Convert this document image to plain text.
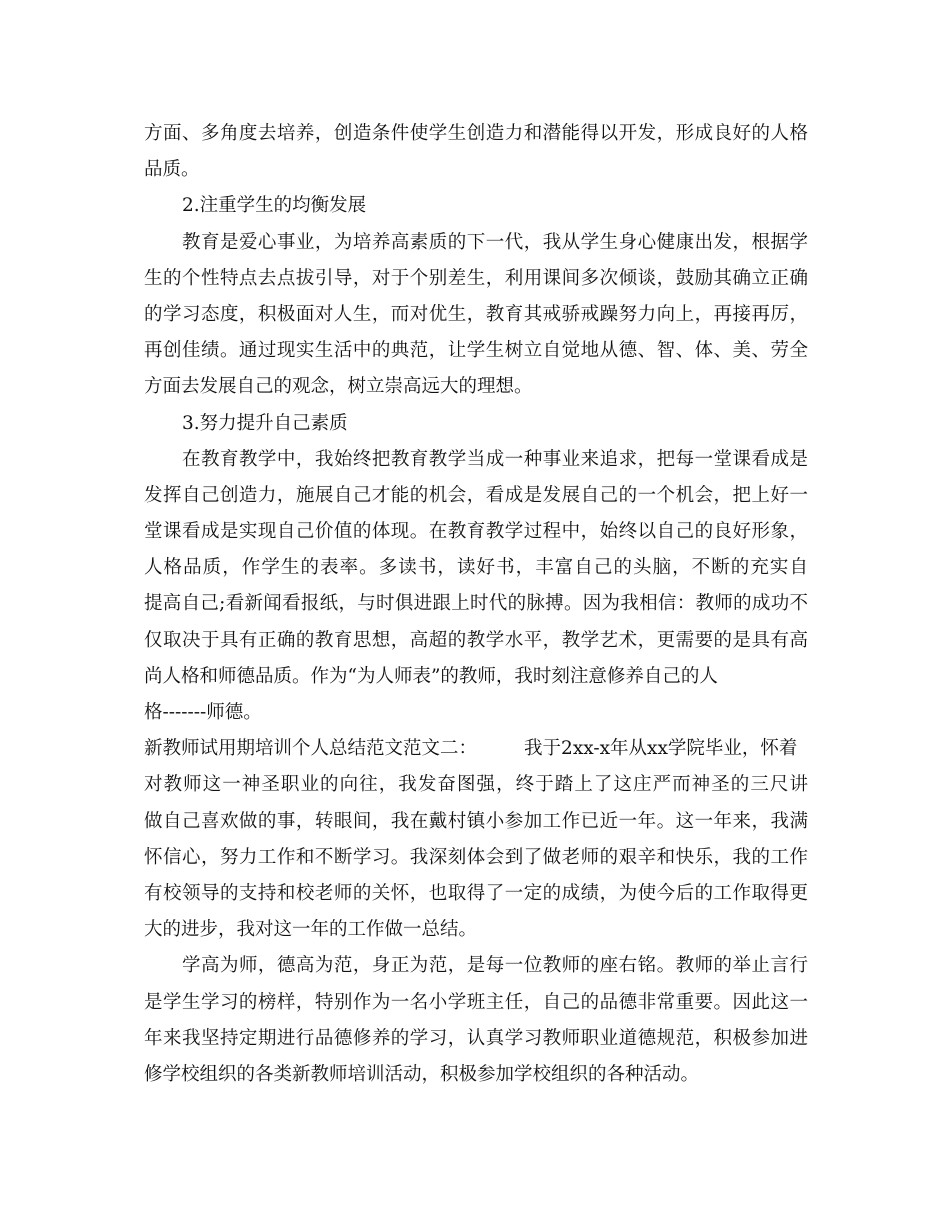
方面、多角度去培养，创造条件使学生创造力和潜能得以开发，形成良好的人格
品质。
2.注重学生的均衡发展
教育是爱心事业，为培养高素质的下一代，我从学生身心健康出发，根据学
生的个性特点去点拔引导，对于个别差生，利用课间多次倾谈，鼓励其确立正确
的学习态度，积极面对人生，而对优生，教育其戒骄戒躁努力向上，再接再厉，
再创佳绩。通过现实生活中的典范，让学生树立自觉地从德、智、体、美、劳全
方面去发展自己的观念，树立崇高远大的理想。
3.努力提升自己素质
在教育教学中，我始终把教育教学当成一种事业来追求，把每一堂课看成是
发挥自己创造力，施展自己才能的机会，看成是发展自己的一个机会，把上好一
堂课看成是实现自己价值的体现。在教育教学过程中，始终以自己的良好形象，
人格品质，作学生的表率。多读书，读好书，丰富自己的头脑，不断的充实自
提高自己;看新闻看报纸，与时俱进跟上时代的脉搏。因为我相信：教师的成功不
仅取决于具有正确的教育思想，高超的教学水平，教学艺术，更需要的是具有高
尚人格和师德品质。作为“为人师表”的教师，我时刻注意修养自己的人
格-------师德。
新教师试用期培训个人总结范文范文二：        我于2xx-x年从xx学院毕业，怀着
对教师这一神圣职业的向往，我发奋图强，终于踏上了这庄严而神圣的三尺讲
做自己喜欢做的事，转眼间，我在戴村镇小参加工作已近一年。这一年来，我满
怀信心，努力工作和不断学习。我深刻体会到了做老师的艰辛和快乐，我的工作
有校领导的支持和校老师的关怀，也取得了一定的成绩，为使今后的工作取得更
大的进步，我对这一年的工作做一总结。
学高为师，德高为范，身正为范，是每一位教师的座右铭。教师的举止言行
是学生学习的榜样，特别作为一名小学班主任，自己的品德非常重要。因此这一
年来我坚持定期进行品德修养的学习，认真学习教师职业道德规范，积极参加进
修学校组织的各类新教师培训活动，积极参加学校组织的各种活动。
